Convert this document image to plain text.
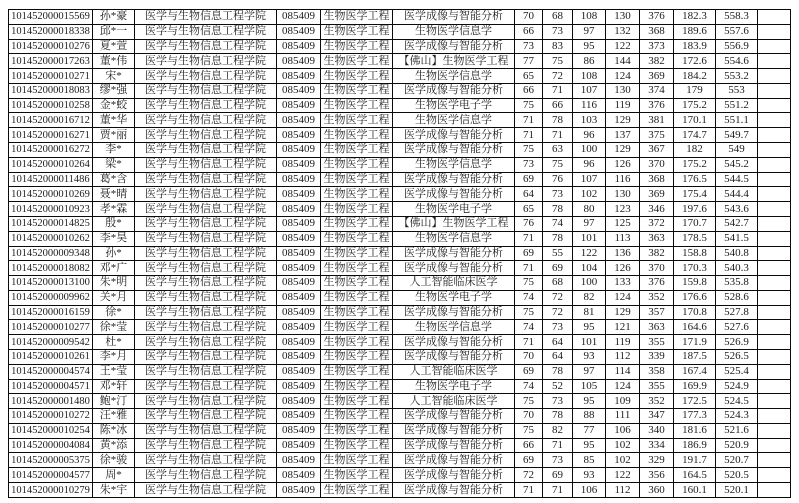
101452000015569	孙*豪	医学与生物信息工程学院	085409	生物医学工程	医学成像与智能分析	70	68	108	130	376	182.3	558.3	
101452000018338	邱*一	医学与生物信息工程学院	085409	生物医学工程	生物医学信息学	66	73	97	132	368	189.6	557.6	
101452000010276	夏*萱	医学与生物信息工程学院	085409	生物医学工程	医学成像与智能分析	73	83	95	122	373	183.9	556.9	
101452000017263	董*伟	医学与生物信息工程学院	085409	生物医学工程	【佛山】生物医学工程	77	75	86	144	382	172.6	554.6	
101452000010271	宋*	医学与生物信息工程学院	085409	生物医学工程	生物医学信息学	65	72	108	124	369	184.2	553.2	
101452000018083	缪*强	医学与生物信息工程学院	085409	生物医学工程	医学成像与智能分析	66	71	107	130	374	179	553	
101452000010258	金*蛟	医学与生物信息工程学院	085409	生物医学工程	生物医学电子学	75	66	116	119	376	175.2	551.2	
101452000016712	董*华	医学与生物信息工程学院	085409	生物医学工程	生物医学信息学	71	78	103	129	381	170.1	551.1	
101452000016271	贾*丽	医学与生物信息工程学院	085409	生物医学工程	医学成像与智能分析	71	71	96	137	375	174.7	549.7	
101452000016272	李*	医学与生物信息工程学院	085409	生物医学工程	医学成像与智能分析	75	63	100	129	367	182	549	
101452000010264	梁*	医学与生物信息工程学院	085409	生物医学工程	生物医学信息学	73	75	96	126	370	175.2	545.2	
101452000011486	葛*含	医学与生物信息工程学院	085409	生物医学工程	医学成像与智能分析	69	76	107	116	368	176.5	544.5	
101452000010269	聂*晴	医学与生物信息工程学院	085409	生物医学工程	医学成像与智能分析	64	73	102	130	369	175.4	544.4	
101452000010923	孝*霖	医学与生物信息工程学院	085409	生物医学工程	生物医学电子学	65	78	80	123	346	197.6	543.6	
101452000014825	殷*	医学与生物信息工程学院	085409	生物医学工程	【佛山】生物医学工程	76	74	97	125	372	170.7	542.7	
101452000010262	李*昊	医学与生物信息工程学院	085409	生物医学工程	生物医学信息学	71	78	101	113	363	178.5	541.5	
101452000009348	孙*	医学与生物信息工程学院	085409	生物医学工程	医学成像与智能分析	69	55	122	136	382	158.8	540.8	
101452000018082	邓*广	医学与生物信息工程学院	085409	生物医学工程	医学成像与智能分析	71	69	104	126	370	170.3	540.3	
101452000013100	朱*明	医学与生物信息工程学院	085409	生物医学工程	人工智能临床医学	75	68	100	133	376	159.8	535.8	
101452000009962	关*月	医学与生物信息工程学院	085409	生物医学工程	生物医学电子学	74	72	82	124	352	176.6	528.6	
101452000016159	徐*	医学与生物信息工程学院	085409	生物医学工程	医学成像与智能分析	75	72	81	129	357	170.8	527.8	
101452000010277	徐*莹	医学与生物信息工程学院	085409	生物医学工程	生物医学信息学	74	73	95	121	363	164.6	527.6	
101452000009542	杜*	医学与生物信息工程学院	085409	生物医学工程	医学成像与智能分析	71	64	101	119	355	171.9	526.9	
101452000010261	李*月	医学与生物信息工程学院	085409	生物医学工程	医学成像与智能分析	70	64	93	112	339	187.5	526.5	
101452000004574	王*莹	医学与生物信息工程学院	085409	生物医学工程	人工智能临床医学	69	78	97	114	358	167.4	525.4	
101452000004571	邓*轩	医学与生物信息工程学院	085409	生物医学工程	生物医学电子学	74	52	105	124	355	169.9	524.9	
101452000001480	鲍*汀	医学与生物信息工程学院	085409	生物医学工程	人工智能临床医学	75	73	95	109	352	172.5	524.5	
101452000010272	汪*雅	医学与生物信息工程学院	085409	生物医学工程	医学成像与智能分析	70	78	88	111	347	177.3	524.3	
101452000010254	陈*冰	医学与生物信息工程学院	085409	生物医学工程	医学成像与智能分析	75	82	77	106	340	181.6	521.6	
101452000004084	黄*添	医学与生物信息工程学院	085409	生物医学工程	医学成像与智能分析	66	71	95	102	334	186.9	520.9	
101452000005375	徐*骏	医学与生物信息工程学院	085409	生物医学工程	医学成像与智能分析	69	73	85	102	329	191.7	520.7	
101452000004577	周*	医学与生物信息工程学院	085409	生物医学工程	医学成像与智能分析	72	69	93	122	356	164.5	520.5	
101452000010279	朱*宇	医学与生物信息工程学院	085409	生物医学工程	医学成像与智能分析	71	71	106	112	360	160.1	520.1	
